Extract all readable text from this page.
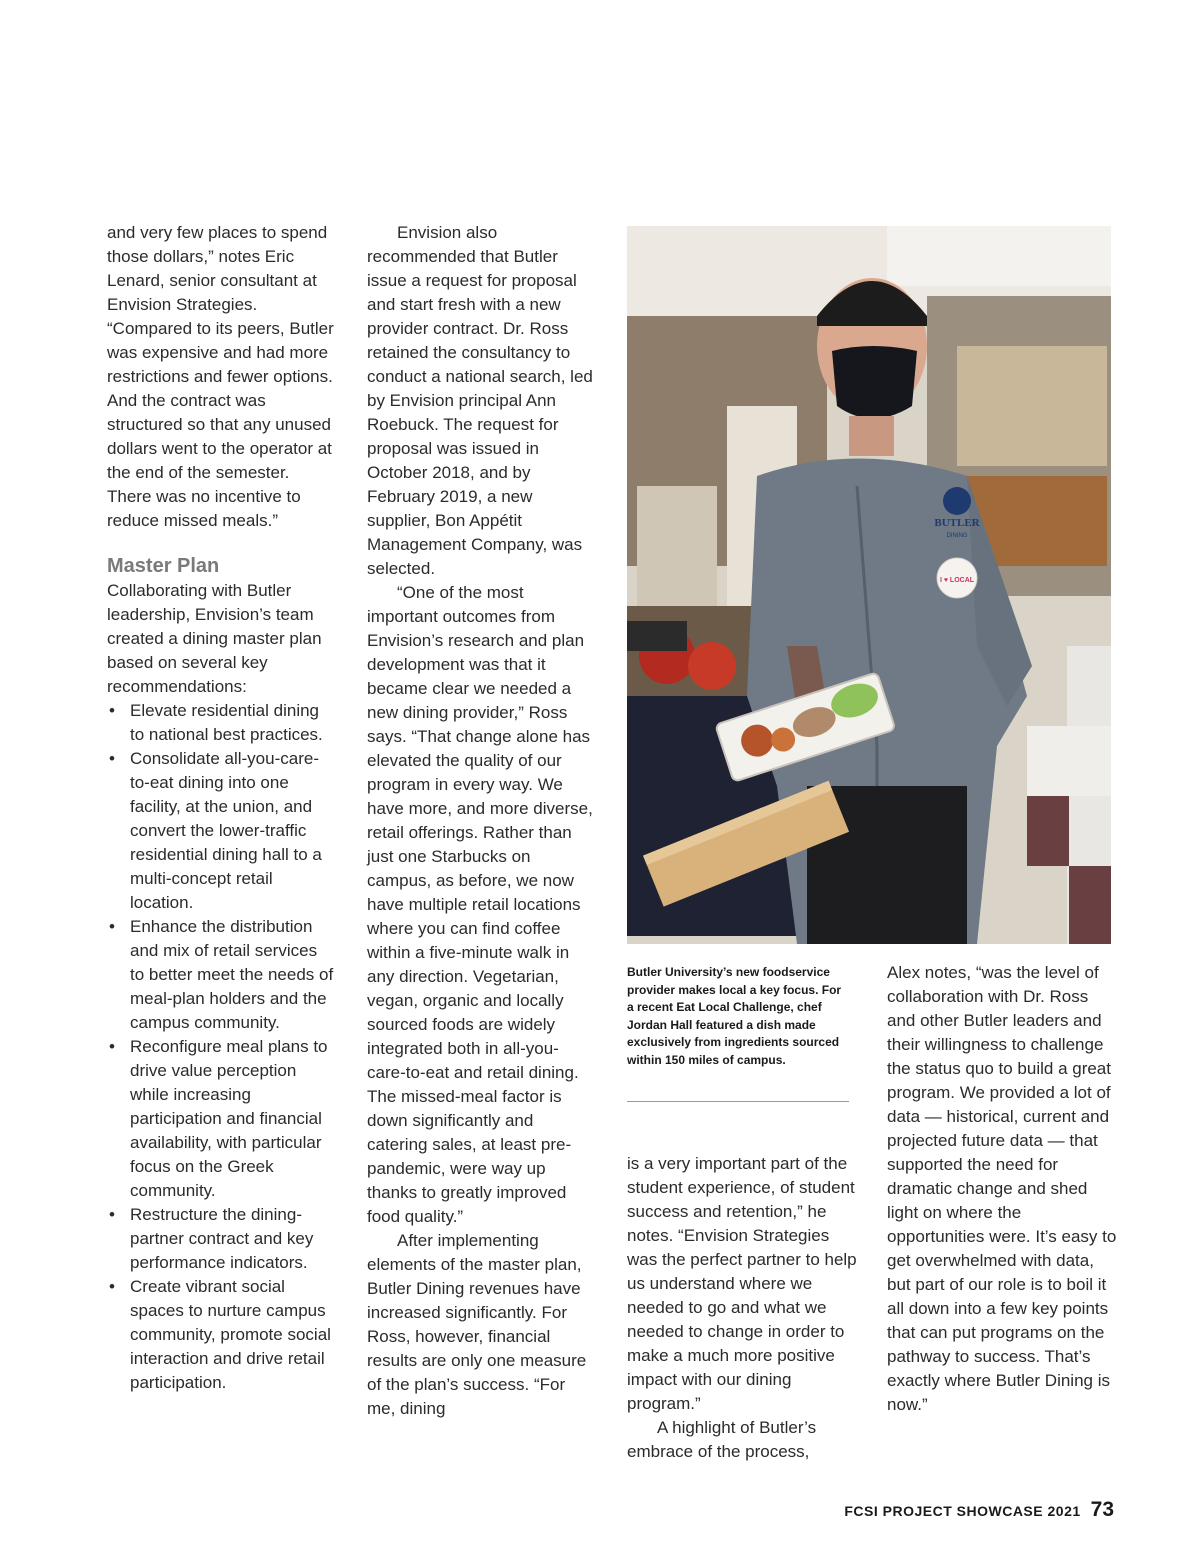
and very few places to spend those dollars,” notes Eric Lenard, senior consultant at Envision Strategies. “Compared to its peers, Butler was expensive and had more restrictions and fewer options. And the contract was structured so that any unused dollars went to the operator at the end of the semester. There was no incentive to reduce missed meals.”

Master Plan

Collaborating with Butler leadership, Envision’s team created a dining master plan based on several key recommendations:

• Elevate residential dining to national best practices.
• Consolidate all-you-care-to-eat dining into one facility, at the union, and convert the lower-traffic residential dining hall to a multi-concept retail location.
• Enhance the distribution and mix of retail services to better meet the needs of meal-plan holders and the campus community.
• Reconfigure meal plans to drive value perception while increasing participation and financial availability, with particular focus on the Greek community.
• Restructure the dining-partner contract and key performance indicators.
• Create vibrant social spaces to nurture campus community, promote social interaction and drive retail participation.

Envision also recommended that Butler issue a request for proposal and start fresh with a new provider contract. Dr. Ross retained the consultancy to conduct a national search, led by Envision principal Ann Roebuck. The request for proposal was issued in October 2018, and by February 2019, a new supplier, Bon Appétit Management Company, was selected.

“One of the most important outcomes from Envision’s research and plan development was that it became clear we needed a new dining provider,” Ross says. “That change alone has elevated the quality of our program in every way. We have more, and more diverse, retail offerings. Rather than just one Starbucks on campus, as before, we now have multiple retail locations where you can find coffee within a five-minute walk in any direction. Vegetarian, vegan, organic and locally sourced foods are widely integrated both in all-you-care-to-eat and retail dining. The missed-meal factor is down significantly and catering sales, at least pre-pandemic, were way up thanks to greatly improved food quality.”

After implementing elements of the master plan, Butler Dining revenues have increased significantly. For Ross, however, financial results are only one measure of the plan’s success. “For me, dining

BUTLER
DINING
I ♥ LOCAL

Butler University’s new foodservice provider makes local a key focus. For a recent Eat Local Challenge, chef Jordan Hall featured a dish made exclusively from ingredients sourced within 150 miles of campus.

is a very important part of the student experience, of student success and retention,” he notes. “Envision Strategies was the perfect partner to help us understand where we needed to go and what we needed to change in order to make a much more positive impact with our dining program.”

A highlight of Butler’s embrace of the process,

Alex notes, “was the level of collaboration with Dr. Ross and other Butler leaders and their willingness to challenge the status quo to build a great program. We provided a lot of data — historical, current and projected future data — that supported the need for dramatic change and shed light on where the opportunities were. It’s easy to get overwhelmed with data, but part of our role is to boil it all down into a few key points that can put programs on the pathway to success. That’s exactly where Butler Dining is now.”

FCSI PROJECT SHOWCASE 2021 73
